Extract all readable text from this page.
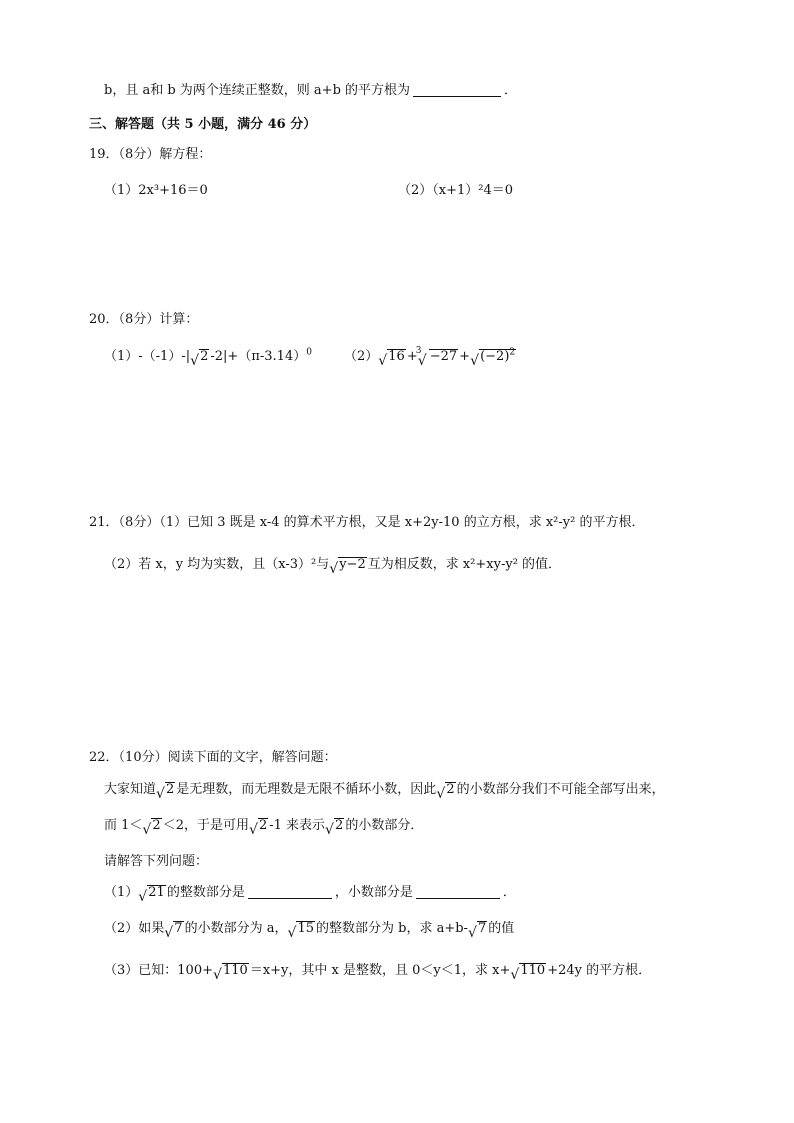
b，且 a和 b 为两个连续正整数，则 a+b 的平方根为	．
三、解答题（共 5 小题，满分 46 分）
19．（8分）解方程：
（1）2x³+16＝0	（2）（x+1）²4＝0
20．（8分）计算：
（1）-（-1）-| √ 2 $-2|+(\pi-3.14)^0$ （2） √ 16 +
3
√ −27 + √ $(-2)^2$
21．（8分）（1）已知 3 既是 x-4 的算术平方根，又是 x+2y-10 的立方根，求 x²-y² 的平方根．
（2）若 x，y 均为实数，且（x-3）²与 √ y−2 互为相反数，求 x²+xy-y² 的值．
22．（10分）阅读下面的文字，解答问题：
大家知道 √ 2 是无理数，而无理数是无限不循环小数，因此 √ 2 的小数部分我们不可能全部写出来，
而 1＜ √ 2 ＜2，于是可用 √ 2 -1 来表示 √ 2 的小数部分．
请解答下列问题：
（1） √ 21 的整数部分是	，小数部分是	．
（2）如果 √ 7 的小数部分为 a， √ 15 的整数部分为 b，求 a+b- √ 7 的值
（3）已知：100+ √ 110 ＝x+y，其中 x 是整数，且 0＜y＜1，求 x+ √ 110 +24y 的平方根．
